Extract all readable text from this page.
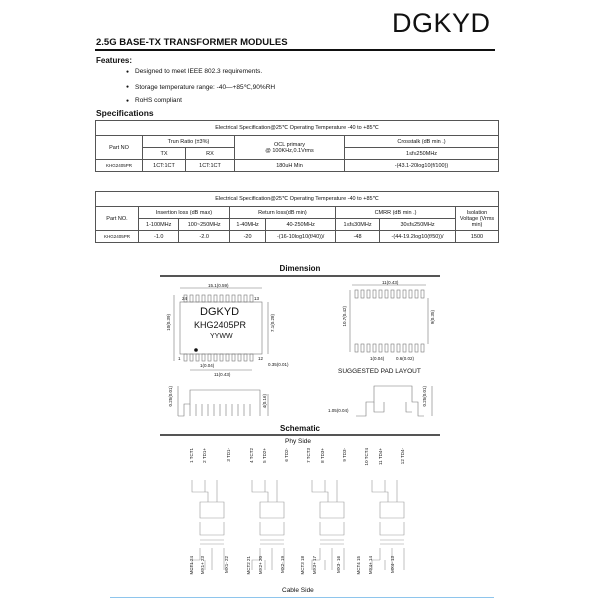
DGKYD
2.5G BASE-TX TRANSFORMER MODULES
Features:
● Designed to meet IEEE 802.3 requirements.
● Storage temperature range: -40—+85℃,90%RH
● RoHS compliant
Specifications
Electrical Specification@25℃ Operating Temperature -40 to +85℃				
Part NO	Trun Ratio (±3%)		OCL primary
@ 100KHz,0.1Vrms	Crosstalk (dB min .)
	TX	RX		1≤f≤250MHz
KHG2405PR	1CT:1CT	1CT:1CT	180uH Min	-(43.1-20log10(f/100))
Electrical Specification@25℃ Operating Temperature -40 to +85℃							
Part NO.	Insertion loss (dB max)		Return loss(dB min)		CMRR (dB min .)		Isolation Voltage (Vrms min)
	1-100MHz	100~250MHz	1-40MHz	40-250MHz	1≤f≤30MHz	30≤f≤250MHz	
KHG2405PR	-1.0	-2.0	-20	-(16-10log10(f/40))/	-48	-(44-19.2log10(f/50))/	1500
Dimension
15.1(0.59)
DGKYD
KHG2405PR
YYWW
24	13
1	12
10(0.39)	7.1(0.28)
1(0.04)	0.35(0.01)
11(0.43)
11(0.43)
10.7(0.42)	9(0.35)
1(0.04)	0.6(0.02)
SUGGESTED PAD LAYOUT
0.25(0.01)	4(0.16)
1.05(0.04)
0.25(0.01)
Schematic
Phy Side
1 TCT1 2 TD1+	3 TD1-	4 TCT2 5 TD2+	6 TD2-	7 TCT3 8 TD3+	9 TD3-	10 TCT4 11 TD4+	12 TD4-
MCT1 24 MX1+ 23	MX1- 22	MCT2 21 MX2+ 20	MX2- 19	MCT3 18 MX3+ 17	MX3- 16	MCT4 15 MX4+ 14	MX4- 13
Cable Side
